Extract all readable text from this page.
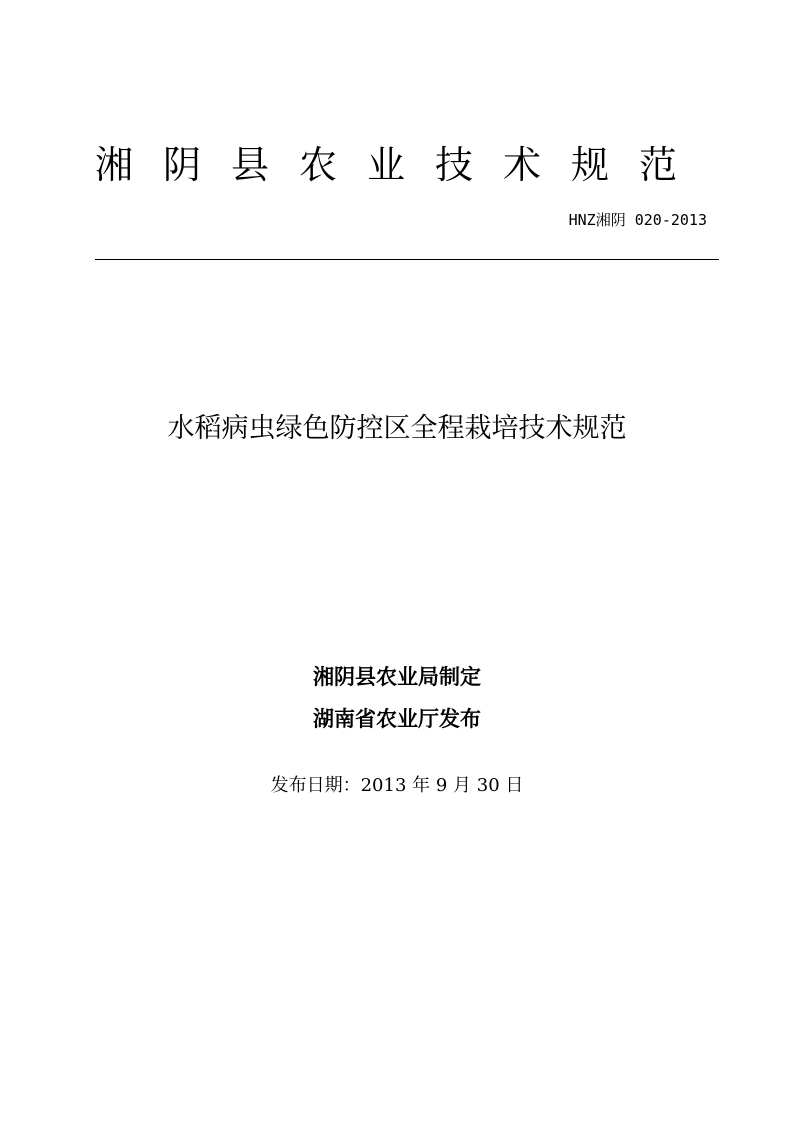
湘阴县农业技术规范
HNZ湘阴 020-2013
水稻病虫绿色防控区全程栽培技术规范
湘阴县农业局制定
湖南省农业厅发布
发布日期：2013 年 9 月 30 日
